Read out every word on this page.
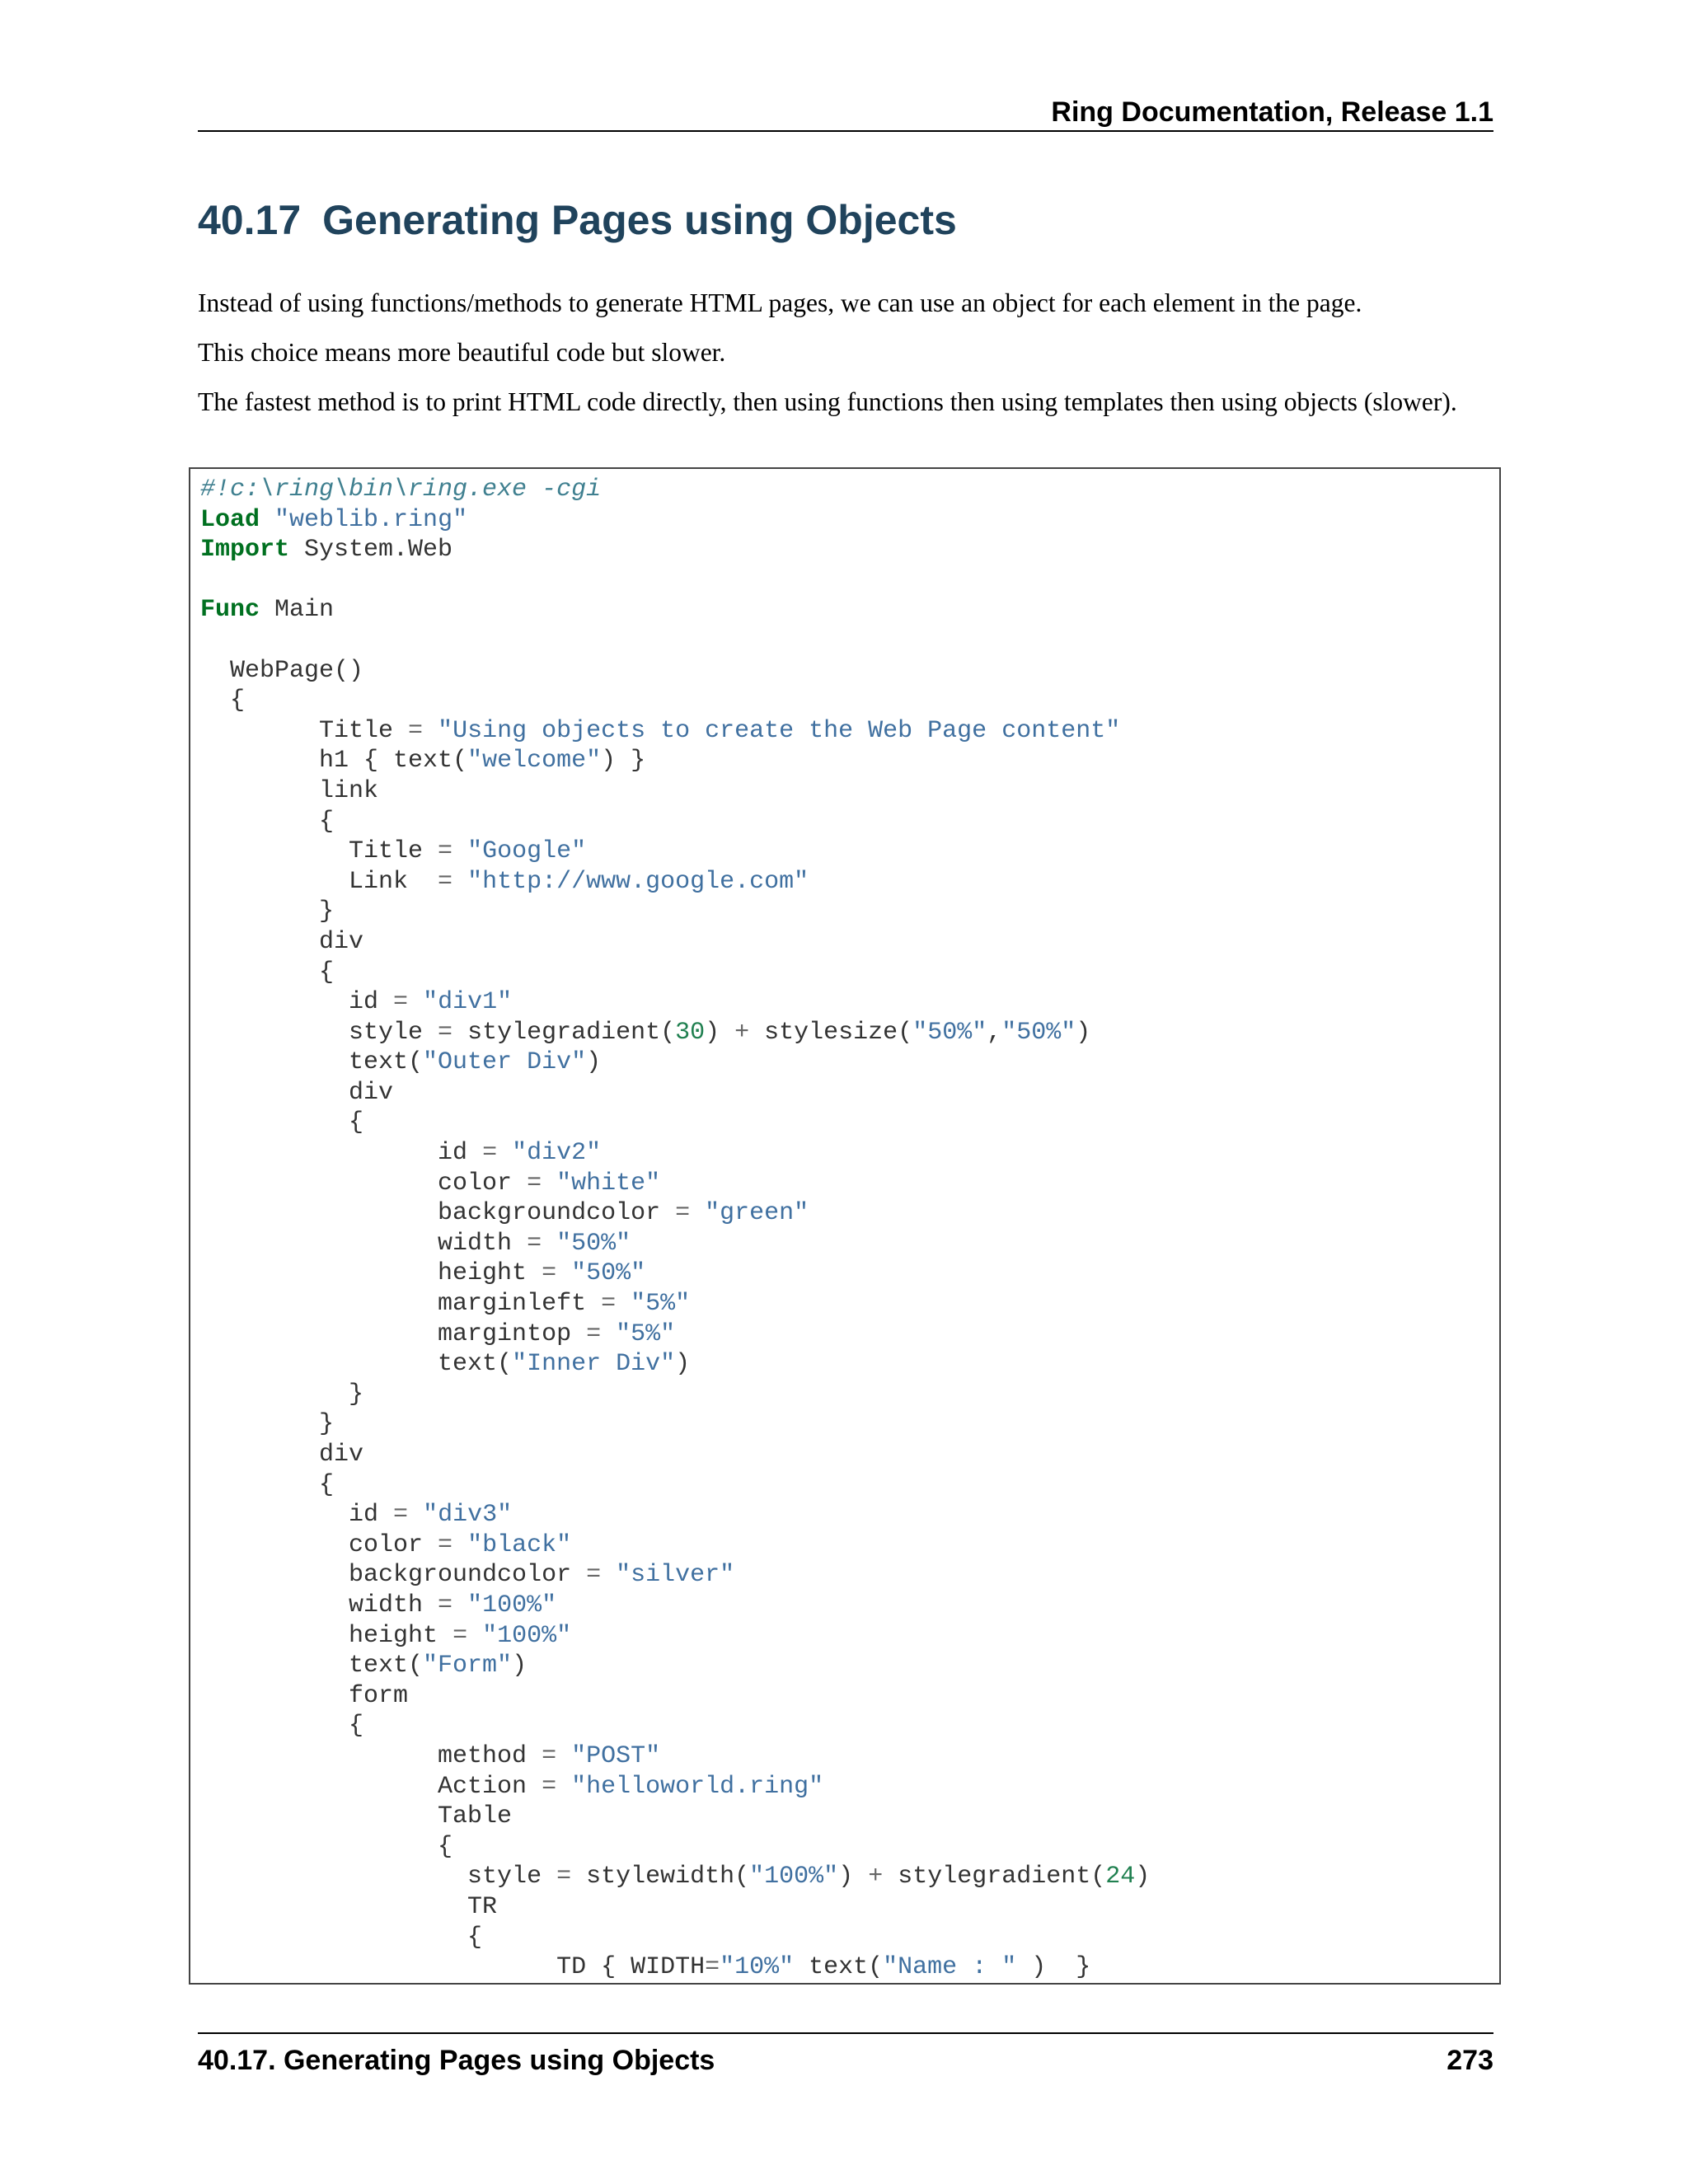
Ring Documentation, Release 1.1
40.17 Generating Pages using Objects

Instead of using functions/methods to generate HTML pages, we can use an object for each element in the page.

This choice means more beautiful code but slower.

The fastest method is to print HTML code directly, then using functions then using templates then using objects (slower).

#!c:\ring\bin\ring.exe -cgi
Load "weblib.ring"
Import System.Web

Func Main

WebPage()
{
Title = "Using objects to create the Web Page content"
h1 { text("welcome") }
link
{
Title = "Google"
Link  = "http://www.google.com"
}
div
{
id = "div1"
style = stylegradient(30) + stylesize("50%","50%")
text("Outer Div")
div
{
id = "div2"
color = "white"
backgroundcolor = "green"
width = "50%"
height = "50%"
marginleft = "5%"
margintop = "5%"
text("Inner Div")
}
}
div
{
id = "div3"
color = "black"
backgroundcolor = "silver"
width = "100%"
height = "100%"
text("Form")
form
{
method = "POST"
Action = "helloworld.ring"
Table
{
style = stylewidth("100%") + stylegradient(24)
TR
{
TD { WIDTH="10%" text("Name : " )  }
40.17. Generating Pages using Objects	273
